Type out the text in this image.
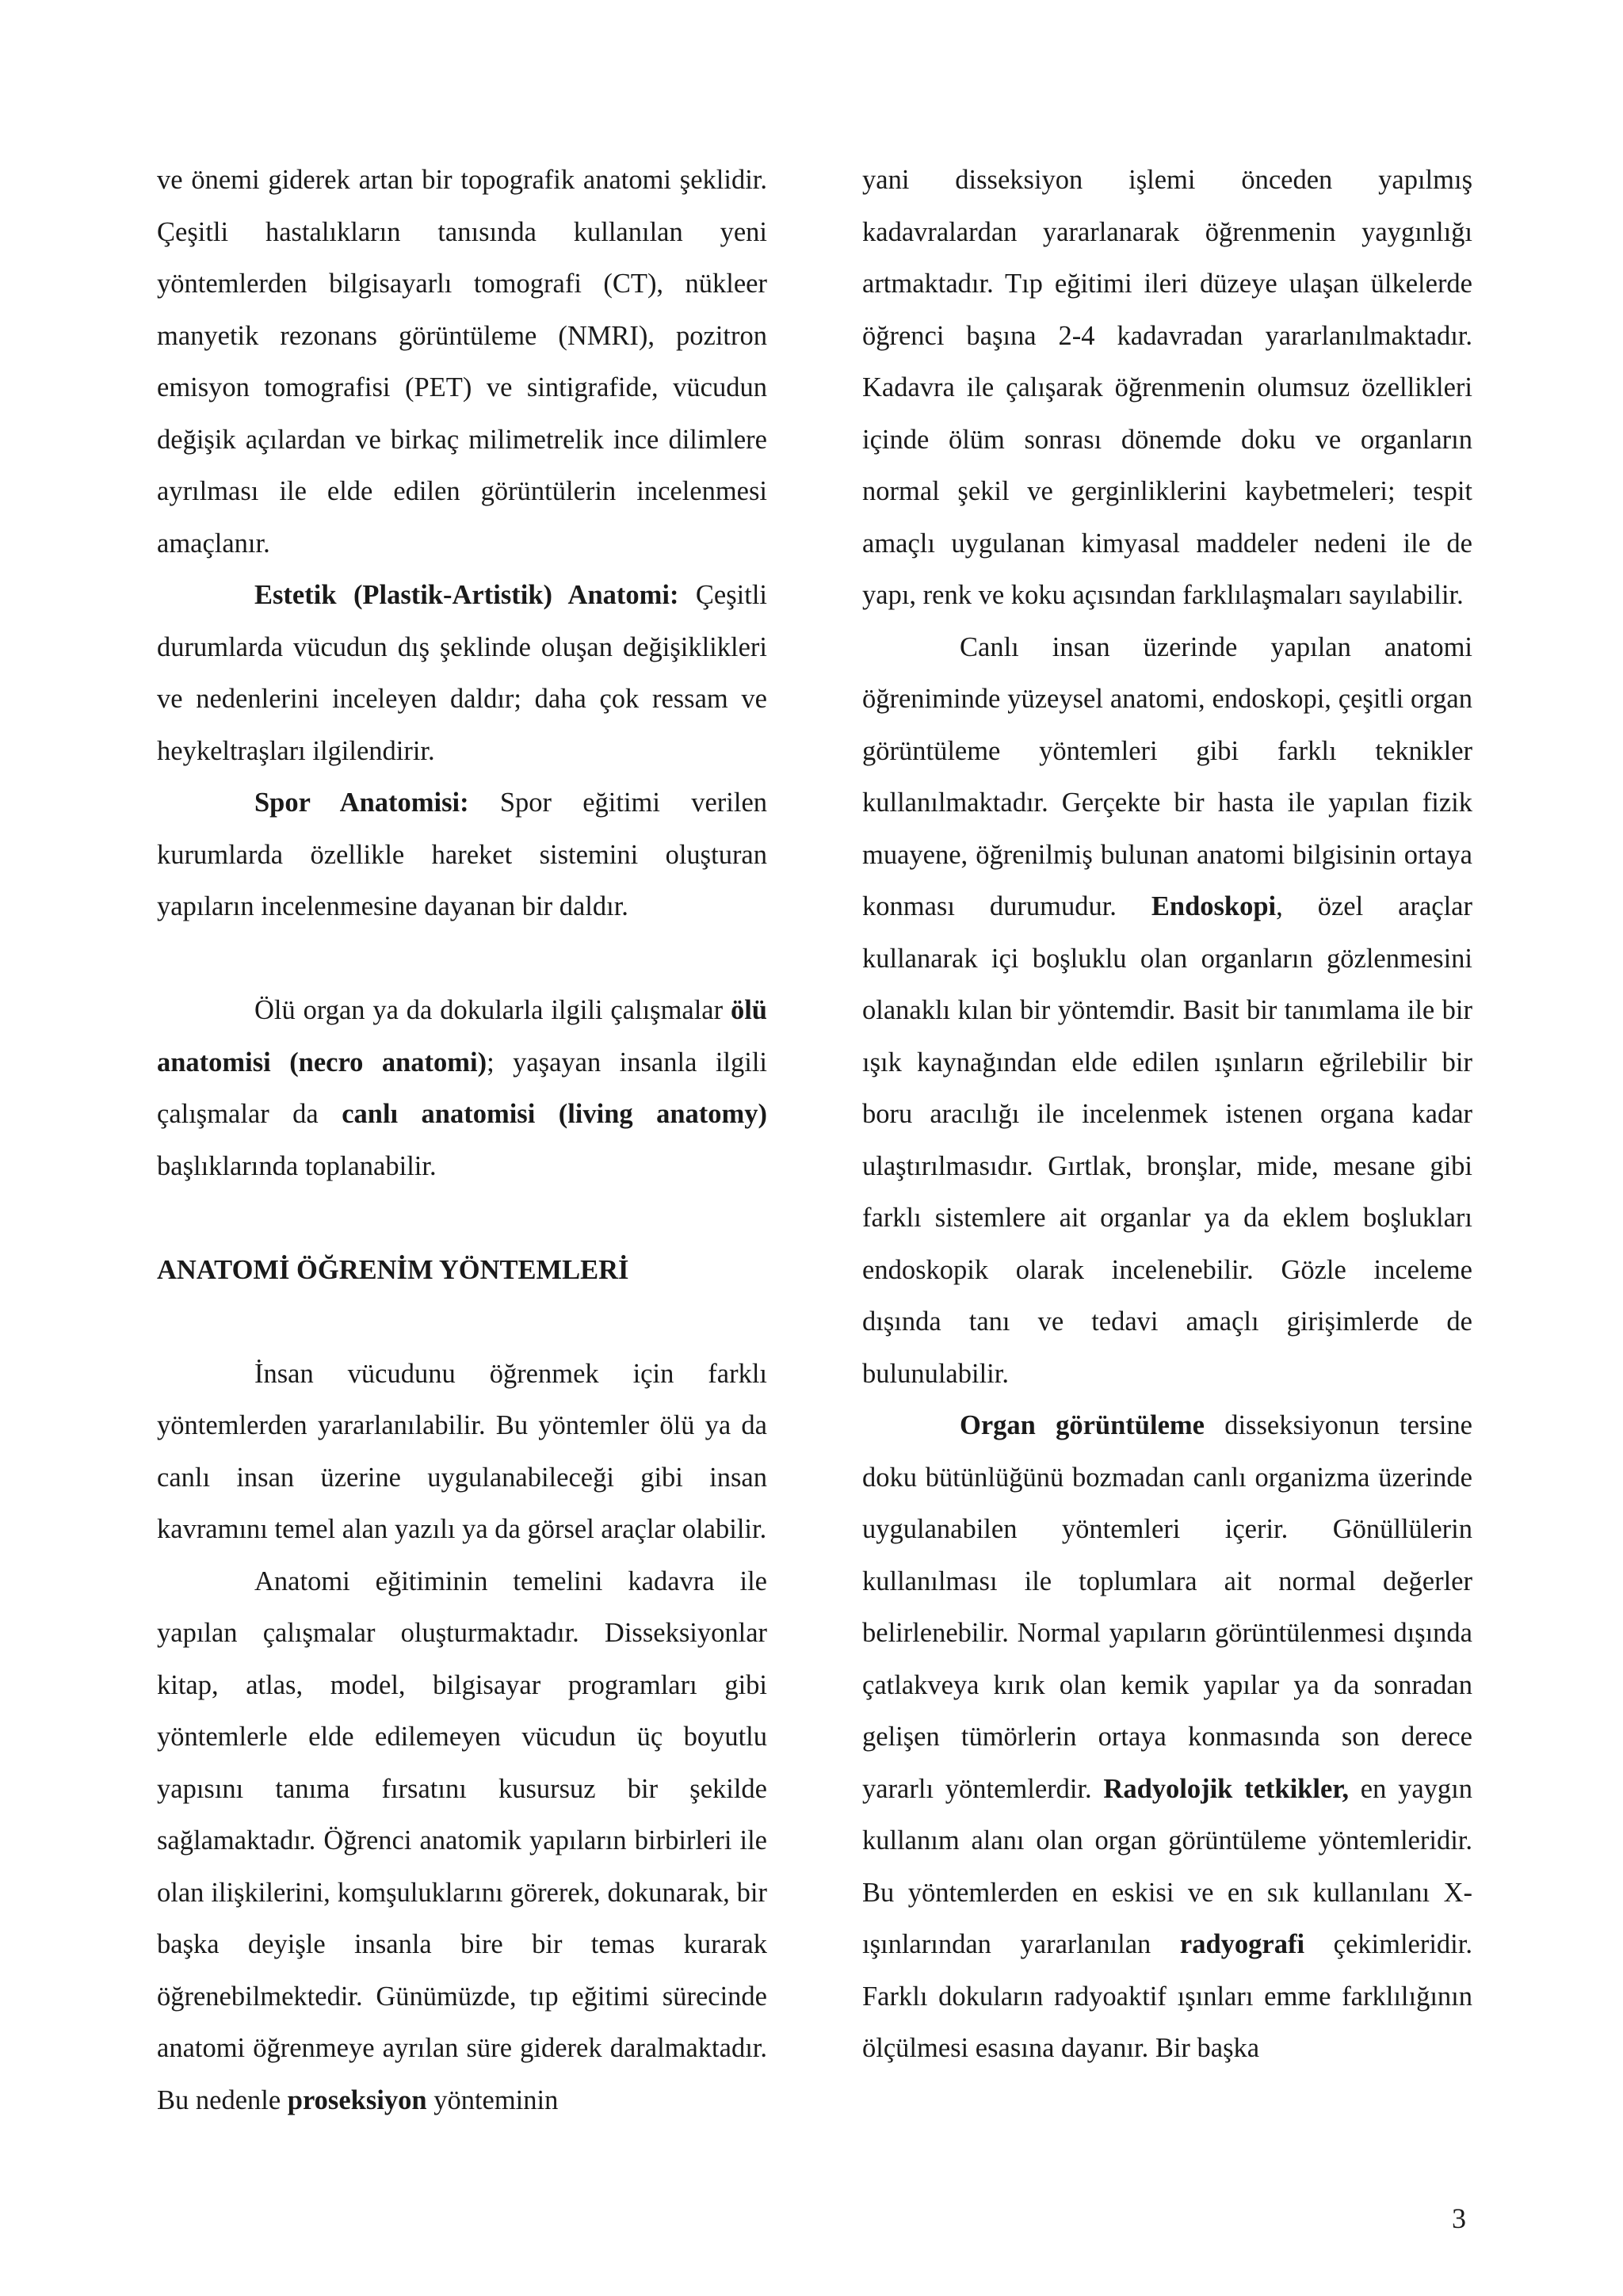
ve önemi giderek artan bir topografik anatomi şeklidir. Çeşitli hastalıkların tanısında kullanılan yeni yöntemlerden bilgisayarlı tomografi (CT), nükleer manyetik rezonans görüntüleme (NMRI), pozitron emisyon tomografisi (PET) ve sintigrafide, vücudun değişik açılardan ve birkaç milimetrelik ince dilimlere ayrılması ile elde edilen görüntülerin incelenmesi amaçlanır.

Estetik (Plastik-Artistik) Anatomi: Çeşitli durumlarda vücudun dış şeklinde oluşan değişiklikleri ve nedenlerini inceleyen daldır; daha çok ressam ve heykeltraşları ilgilendirir.

Spor Anatomisi: Spor eğitimi verilen kurumlarda özellikle hareket sistemini oluşturan yapıların incelenmesine dayanan bir daldır.

Ölü organ ya da dokularla ilgili çalışmalar ölü anatomisi (necro anatomi); yaşayan insanla ilgili çalışmalar da canlı anatomisi (living anatomy) başlıklarında toplanabilir.

ANATOMİ ÖĞRENİM YÖNTEMLERİ

İnsan vücudunu öğrenmek için farklı yöntemlerden yararlanılabilir. Bu yöntemler ölü ya da canlı insan üzerine uygulanabileceği gibi insan kavramını temel alan yazılı ya da görsel araçlar olabilir.

Anatomi eğitiminin temelini kadavra ile yapılan çalışmalar oluşturmaktadır. Disseksiyonlar kitap, atlas, model, bilgisayar programları gibi yöntemlerle elde edilemeyen vücudun üç boyutlu yapısını tanıma fırsatını kusursuz bir şekilde sağlamaktadır. Öğrenci anatomik yapıların birbirleri ile olan ilişkilerini, komşuluklarını görerek, dokunarak, bir başka deyişle insanla bire bir temas kurarak öğrenebilmektedir. Günümüzde, tıp eğitimi sürecinde anatomi öğrenmeye ayrılan süre giderek daralmaktadır. Bu nedenle proseksiyon yönteminin

yani disseksiyon işlemi önceden yapılmış kadavralardan yararlanarak öğrenmenin yaygınlığı artmaktadır. Tıp eğitimi ileri düzeye ulaşan ülkelerde öğrenci başına 2-4 kadavradan yararlanılmaktadır. Kadavra ile çalışarak öğrenmenin olumsuz özellikleri içinde ölüm sonrası dönemde doku ve organların normal şekil ve gerginliklerini kaybetmeleri; tespit amaçlı uygulanan kimyasal maddeler nedeni ile de yapı, renk ve koku açısından farklılaşmaları sayılabilir.

Canlı insan üzerinde yapılan anatomi öğreniminde yüzeysel anatomi, endoskopi, çeşitli organ görüntüleme yöntemleri gibi farklı teknikler kullanılmaktadır. Gerçekte bir hasta ile yapılan fizik muayene, öğrenilmiş bulunan anatomi bilgisinin ortaya konması durumudur. Endoskopi, özel araçlar kullanarak içi boşluklu olan organların gözlenmesini olanaklı kılan bir yöntemdir. Basit bir tanımlama ile bir ışık kaynağından elde edilen ışınların eğrilebilir bir boru aracılığı ile incelenmek istenen organa kadar ulaştırılmasıdır. Gırtlak, bronşlar, mide, mesane gibi farklı sistemlere ait organlar ya da eklem boşlukları endoskopik olarak incelenebilir. Gözle inceleme dışında tanı ve tedavi amaçlı girişimlerde de bulunulabilir.

Organ görüntüleme disseksiyonun tersine doku bütünlüğünü bozmadan canlı organizma üzerinde uygulanabilen yöntemleri içerir. Gönüllülerin kullanılması ile toplumlara ait normal değerler belirlenebilir. Normal yapıların görüntülenmesi dışında çatlakveya kırık olan kemik yapılar ya da sonradan gelişen tümörlerin ortaya konmasında son derece yararlı yöntemlerdir. Radyolojik tetkikler, en yaygın kullanım alanı olan organ görüntüleme yöntemleridir. Bu yöntemlerden en eskisi ve en sık kullanılanı X-ışınlarından yararlanılan radyografi çekimleridir. Farklı dokuların radyoaktif ışınları emme farklılığının ölçülmesi esasına dayanır. Bir başka

3
